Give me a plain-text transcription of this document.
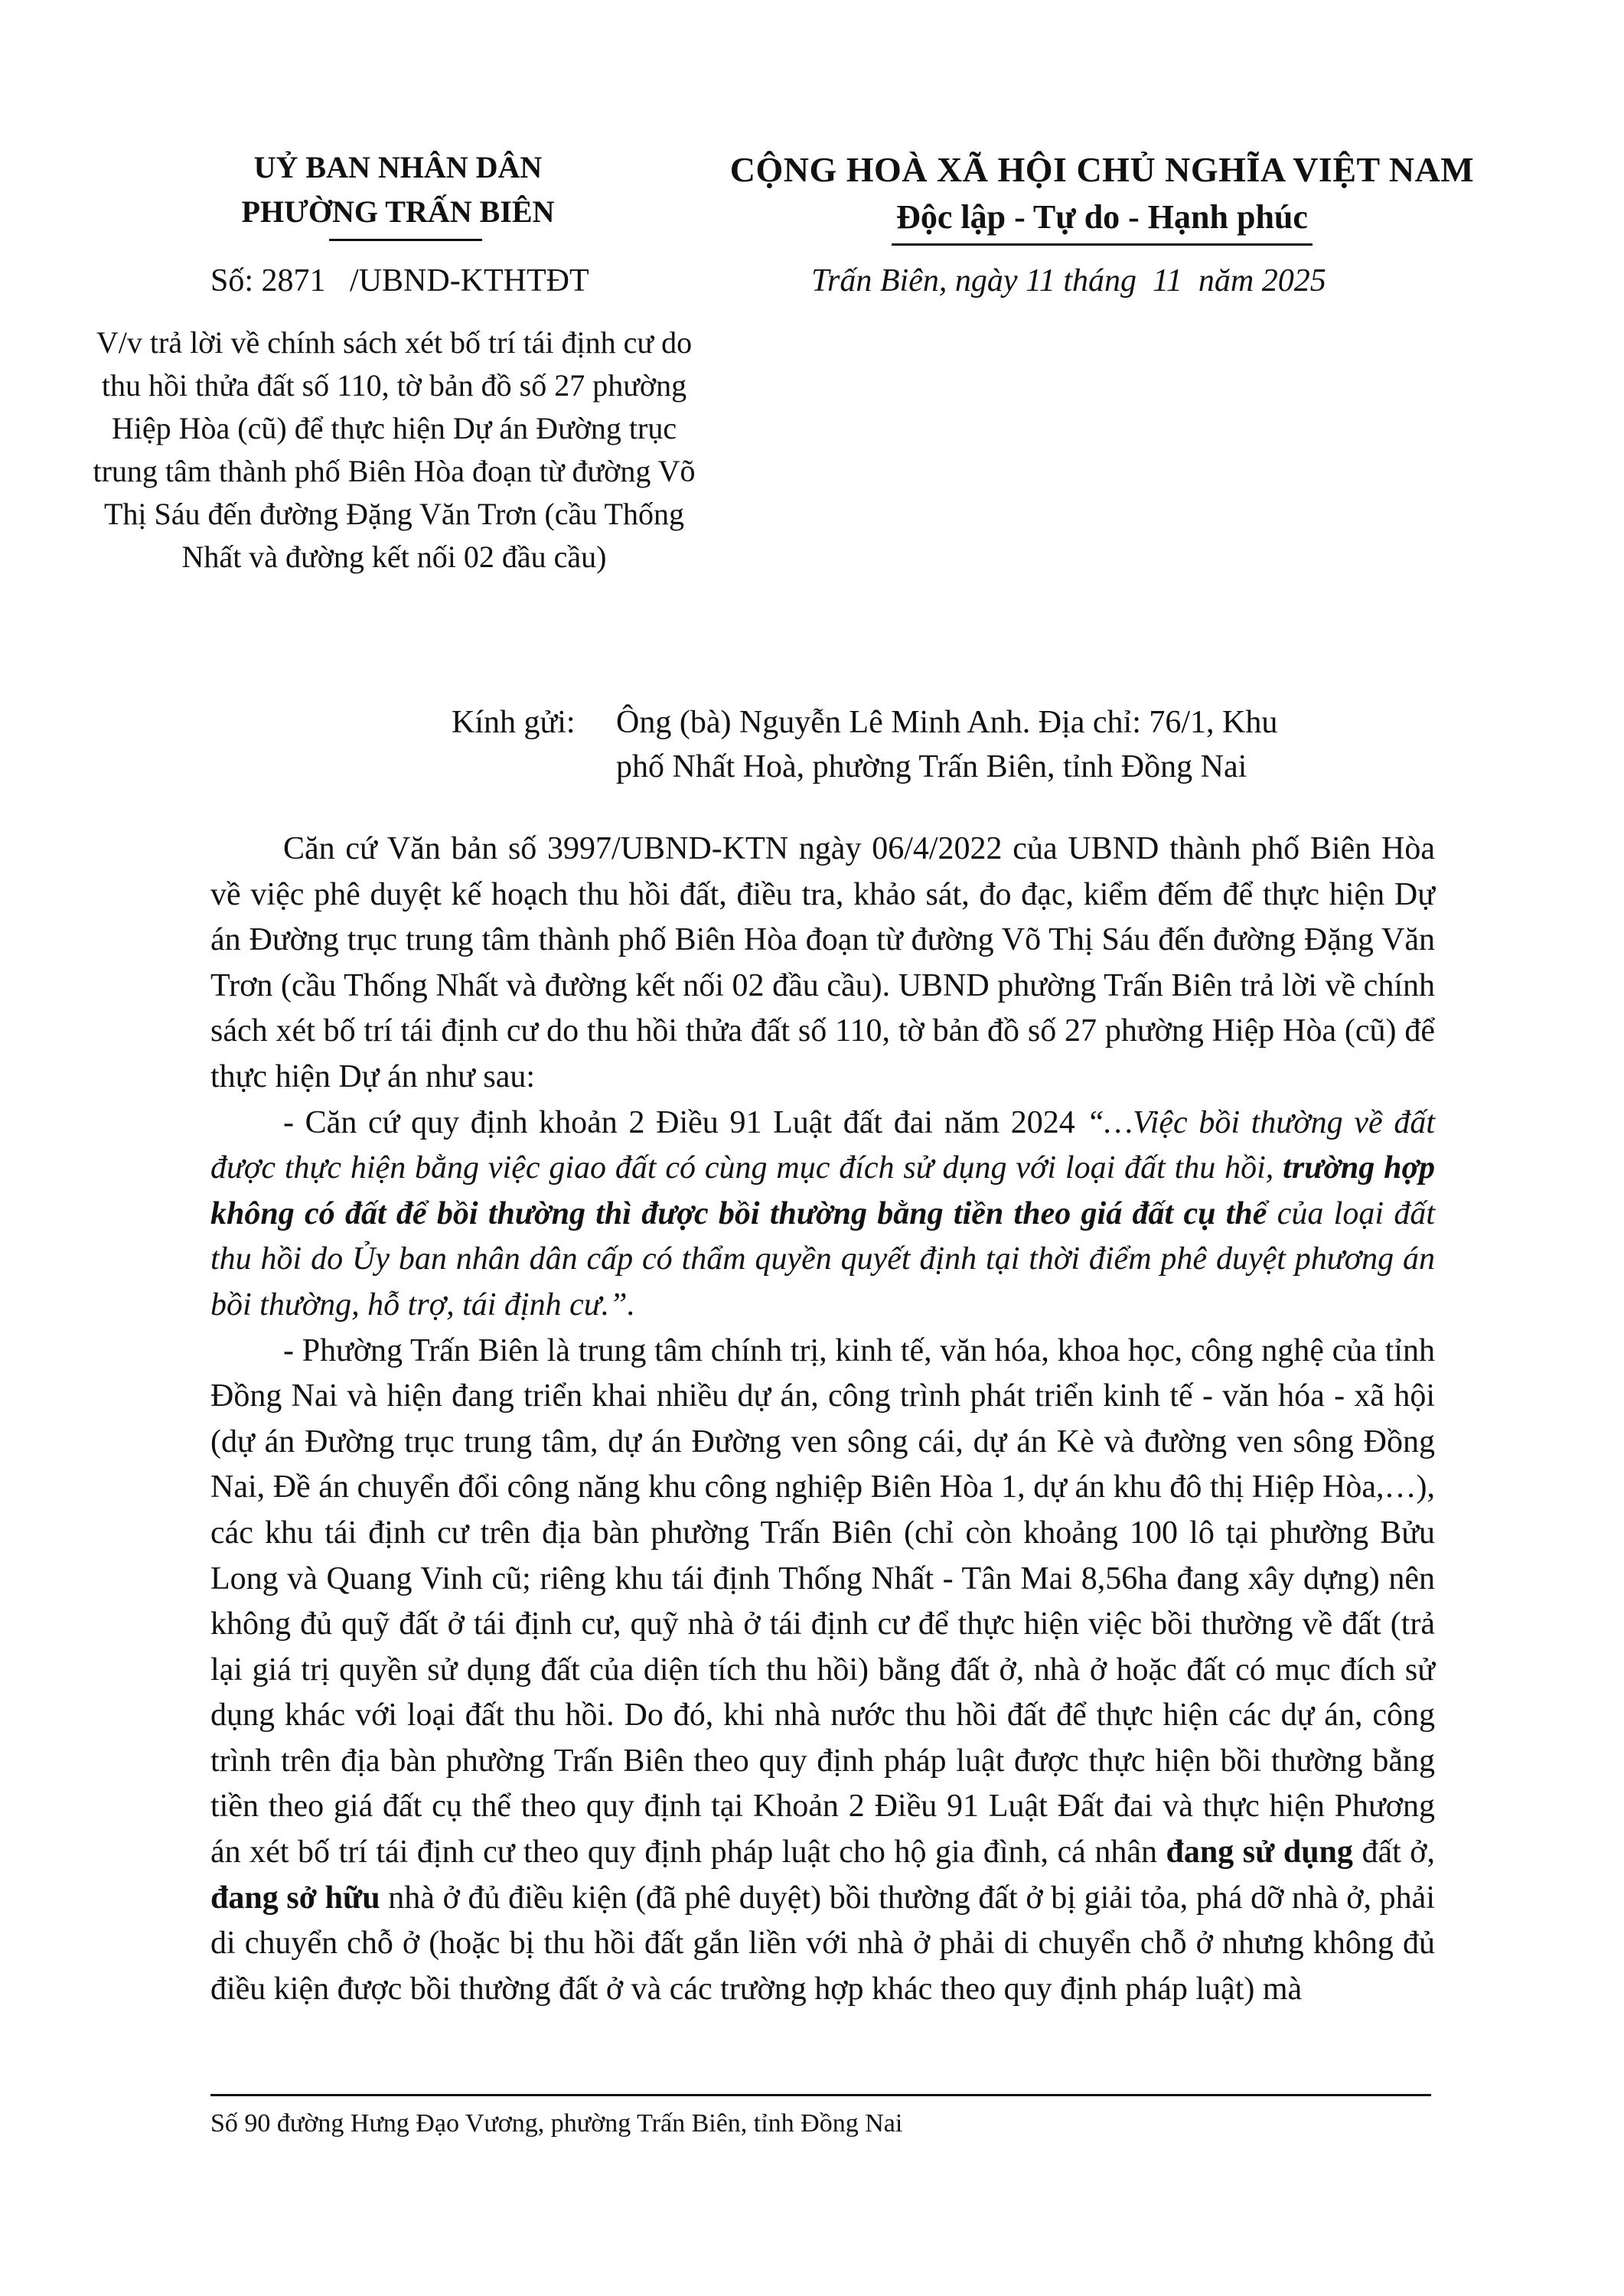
UỶ BAN NHÂN DÂN
PHƯỜNG TRẤN BIÊN
CỘNG HOÀ XÃ HỘI CHỦ NGHĨA VIỆT NAM
Độc lập - Tự do - Hạnh phúc
Số: 2871   /UBND-KTHTĐT	Trấn Biên, ngày 11 tháng  11  năm 2025
V/v trả lời về chính sách xét bố trí tái định cư do thu hồi thửa đất số 110, tờ bản đồ số 27 phường Hiệp Hòa (cũ) để thực hiện Dự án Đường trục trung tâm thành phố Biên Hòa đoạn từ đường Võ Thị Sáu đến đường Đặng Văn Trơn (cầu Thống Nhất và đường kết nối 02 đầu cầu)
Kính gửi: Ông (bà) Nguyễn Lê Minh Anh. Địa chỉ: 76/1, Khu
phố Nhất Hoà, phường Trấn Biên, tỉnh Đồng Nai

Căn cứ Văn bản số 3997/UBND-KTN ngày 06/4/2022 của UBND thành phố Biên Hòa về việc phê duyệt kế hoạch thu hồi đất, điều tra, khảo sát, đo đạc, kiểm đếm để thực hiện Dự án Đường trục trung tâm thành phố Biên Hòa đoạn từ đường Võ Thị Sáu đến đường Đặng Văn Trơn (cầu Thống Nhất và đường kết nối 02 đầu cầu). UBND phường Trấn Biên trả lời về chính sách xét bố trí tái định cư do thu hồi thửa đất số 110, tờ bản đồ số 27 phường Hiệp Hòa (cũ) để thực hiện Dự án như sau:

- Căn cứ quy định khoản 2 Điều 91 Luật đất đai năm 2024 “…Việc bồi thường về đất được thực hiện bằng việc giao đất có cùng mục đích sử dụng với loại đất thu hồi, trường hợp không có đất để bồi thường thì được bồi thường bằng tiền theo giá đất cụ thể của loại đất thu hồi do Ủy ban nhân dân cấp có thẩm quyền quyết định tại thời điểm phê duyệt phương án bồi thường, hỗ trợ, tái định cư.”.

- Phường Trấn Biên là trung tâm chính trị, kinh tế, văn hóa, khoa học, công nghệ của tỉnh Đồng Nai và hiện đang triển khai nhiều dự án, công trình phát triển kinh tế - văn hóa - xã hội (dự án Đường trục trung tâm, dự án Đường ven sông cái, dự án Kè và đường ven sông Đồng Nai, Đề án chuyển đổi công năng khu công nghiệp Biên Hòa 1, dự án khu đô thị Hiệp Hòa,…), các khu tái định cư trên địa bàn phường Trấn Biên (chỉ còn khoảng 100 lô tại phường Bửu Long và Quang Vinh cũ; riêng khu tái định Thống Nhất - Tân Mai 8,56ha đang xây dựng) nên không đủ quỹ đất ở tái định cư, quỹ nhà ở tái định cư để thực hiện việc bồi thường về đất (trả lại giá trị quyền sử dụng đất của diện tích thu hồi) bằng đất ở, nhà ở hoặc đất có mục đích sử dụng khác với loại đất thu hồi. Do đó, khi nhà nước thu hồi đất để thực hiện các dự án, công trình trên địa bàn phường Trấn Biên theo quy định pháp luật được thực hiện bồi thường bằng tiền theo giá đất cụ thể theo quy định tại Khoản 2 Điều 91 Luật Đất đai và thực hiện Phương án xét bố trí tái định cư theo quy định pháp luật cho hộ gia đình, cá nhân đang sử dụng đất ở, đang sở hữu nhà ở đủ điều kiện (đã phê duyệt) bồi thường đất ở bị giải tỏa, phá dỡ nhà ở, phải di chuyển chỗ ở (hoặc bị thu hồi đất gắn liền với nhà ở phải di chuyển chỗ ở nhưng không đủ điều kiện được bồi thường đất ở và các trường hợp khác theo quy định pháp luật) mà

Số 90 đường Hưng Đạo Vương, phường Trấn Biên, tỉnh Đồng Nai
